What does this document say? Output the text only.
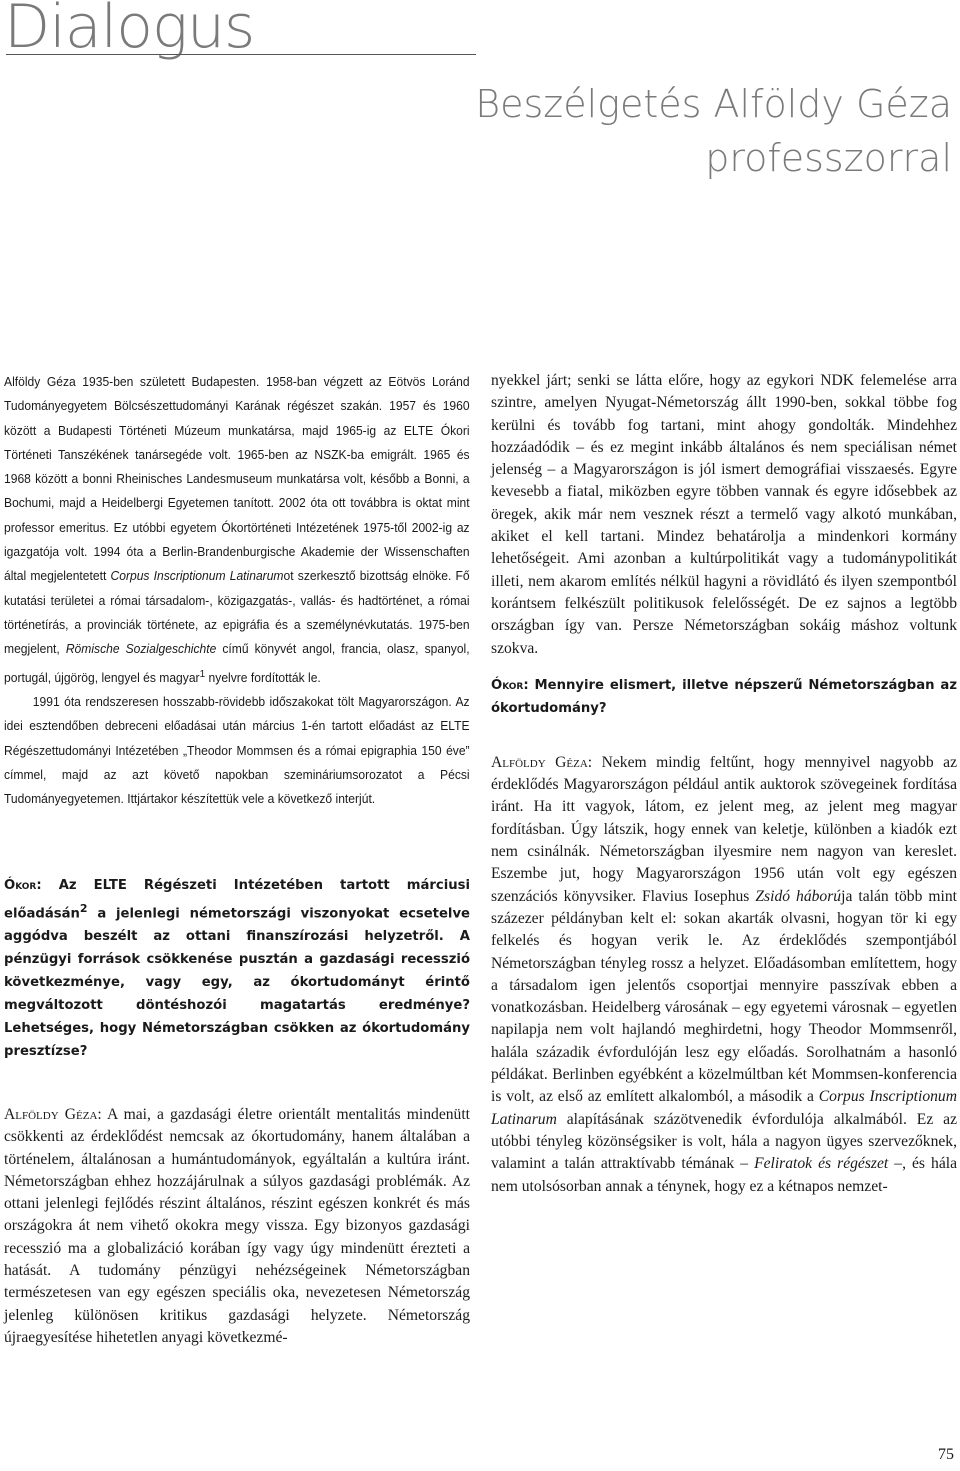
Dialogus
Beszélgetés Alföldy Géza
professzorral

Alföldy Géza 1935-ben született Budapesten. 1958-ban végzett az Eötvös Loránd Tudományegyetem Bölcsészettudományi Karának régészet szakán. 1957 és 1960 között a Budapesti Történeti Múzeum munkatársa, majd 1965-ig az ELTE Ókori Történeti Tanszékének tanársegéde volt. 1965-ben az NSZK-ba emigrált. 1965 és 1968 között a bonni Rheinisches Landesmuseum munkatársa volt, később a Bonni, a Bochumi, majd a Heidelbergi Egyetemen tanított. 2002 óta ott továbbra is oktat mint professor emeritus. Ez utóbbi egyetem Ókortörténeti Intézetének 1975-től 2002-ig az igazgatója volt. 1994 óta a Berlin-Brandenburgische Akademie der Wissenschaften által megjelentetett Corpus Inscriptionum Latinarumot szerkesztő bizottság elnöke. Fő kutatási területei a római társadalom-, közigazgatás-, vallás- és hadtörténet, a római történetírás, a provinciák története, az epigráfia és a személynévkutatás. 1975-ben megjelent, Römische Sozialgeschichte című könyvét angol, francia, olasz, spanyol, portugál, újgörög, lengyel és magyar$^1$ nyelvre fordították le.

1991 óta rendszeresen hosszabb-rövidebb időszakokat tölt Magyarországon. Az idei esztendőben debreceni előadásai után március 1-én tartott előadást az ELTE Régészettudományi Intézetében „Theodor Mommsen és a római epigraphia 150 éve” címmel, majd az azt követő napokban szemináriumsorozatot a Pécsi Tudományegyetemen. Ittjártakor készítettük vele a következő interjút.

Ókor: Az ELTE Régészeti Intézetében tartott márciusi előadásán$^2$ a jelenlegi németországi viszonyokat ecsetelve aggódva beszélt az ottani finanszírozási helyzetről. A pénzügyi források csökkenése pusztán a gazdasági recesszió következménye, vagy egy, az ókortudományt érintő megváltozott döntéshozói magatartás eredménye? Lehetséges, hogy Németországban csökken az ókortudomány presztízse?

Alföldy Géza: A mai, a gazdasági életre orientált mentalitás mindenütt csökkenti az érdeklődést nemcsak az ókortudomány, hanem általában a történelem, általánosan a humántudományok, egyáltalán a kultúra iránt. Németországban ehhez hozzájárulnak a súlyos gazdasági problémák. Az ottani jelenlegi fejlődés részint általános, részint egészen konkrét és más országokra át nem vihető okokra megy vissza. Egy bizonyos gazdasági recesszió ma a globalizáció korában így vagy úgy mindenütt érezteti a hatását. A tudomány pénzügyi nehézségeinek Németországban természetesen van egy egészen speciális oka, nevezetesen Németország jelenleg különösen kritikus gazdasági helyzete. Németország újraegyesítése hihetetlen anyagi következmé-

nyekkel járt; senki se látta előre, hogy az egykori NDK felemelése arra szintre, amelyen Nyugat-Németország állt 1990-ben, sokkal többe fog kerülni és tovább fog tartani, mint ahogy gondolták. Mindehhez hozzáadódik – és ez megint inkább általános és nem speciálisan német jelenség – a Magyarországon is jól ismert demográfiai visszaesés. Egyre kevesebb a fiatal, miközben egyre többen vannak és egyre idősebbek az öregek, akik már nem vesznek részt a termelő vagy alkotó munkában, akiket el kell tartani. Mindez behatárolja a mindenkori kormány lehetőségeit. Ami azonban a kultúrpolitikát vagy a tudománypolitikát illeti, nem akarom említés nélkül hagyni a rövidlátó és ilyen szempontból korántsem felkészült politikusok felelősségét. De ez sajnos a legtöbb országban így van. Persze Németországban sokáig máshoz voltunk szokva.

Ókor: Mennyire elismert, illetve népszerű Németországban az ókortudomány?

Alföldy Géza: Nekem mindig feltűnt, hogy mennyivel nagyobb az érdeklődés Magyarországon például antik auktorok szövegeinek fordítása iránt. Ha itt vagyok, látom, ez jelent meg, az jelent meg magyar fordításban. Úgy látszik, hogy ennek van keletje, különben a kiadók ezt nem csinálnák. Németországban ilyesmire nem nagyon van kereslet. Eszembe jut, hogy Magyarországon 1956 után volt egy egészen szenzációs könyvsiker. Flavius Iosephus Zsidó háborúja talán több mint százezer példányban kelt el: sokan akarták olvasni, hogyan tör ki egy felkelés és hogyan verik le. Az érdeklődés szempontjából Németországban tényleg rossz a helyzet. Előadásomban említettem, hogy a társadalom igen jelentős csoportjai mennyire passzívak ebben a vonatkozásban. Heidelberg városának – egy egyetemi városnak – egyetlen napilapja nem volt hajlandó meghirdetni, hogy Theodor Mommsenről, halála századik évfordulóján lesz egy előadás. Sorolhatnám a hasonló példákat. Berlinben egyébként a közelmúltban két Mommsen-konferencia is volt, az első az említett alkalomból, a második a Corpus Inscriptionum Latinarum alapításának százötvenedik évfordulója alkalmából. Ez az utóbbi tényleg közönségsiker is volt, hála a nagyon ügyes szervezőknek, valamint a talán attraktívabb témának – Feliratok és régészet –, és hála nem utolsósorban annak a ténynek, hogy ez a kétnapos nemzet-

75
